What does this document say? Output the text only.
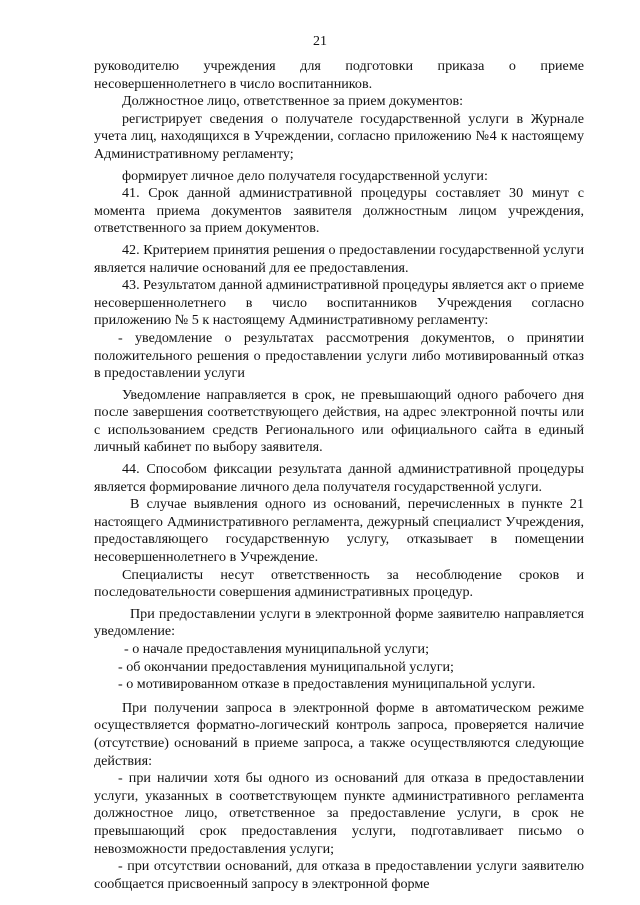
21

руководителю учреждения для подготовки приказа о приеме несовершеннолетнего в число воспитанников.

Должностное лицо, ответственное за прием документов:

регистрирует сведения о получателе государственной услуги в Журнале учета лиц, находящихся в Учреждении, согласно приложению №4 к настоящему Административному регламенту;

формирует личное дело получателя государственной услуги:

41. Срок данной административной процедуры составляет 30 минут с момента приема документов заявителя должностным лицом учреждения, ответственного за прием документов.

42. Критерием принятия решения о предоставлении государственной услуги является наличие оснований для ее предоставления.

43. Результатом данной административной процедуры является акт о приеме несовершеннолетнего в число воспитанников Учреждения согласно приложению № 5 к настоящему Административному регламенту:

- уведомление о результатах рассмотрения документов, о принятии положительного решения о предоставлении услуги либо мотивированный отказ в предоставлении услуги

Уведомление направляется в срок, не превышающий одного рабочего дня после завершения соответствующего действия, на адрес электронной почты или с использованием средств Регионального или официального сайта в единый личный кабинет по выбору заявителя.

44. Способом фиксации результата данной административной процедуры является формирование личного дела получателя государственной услуги.

В случае выявления одного из оснований, перечисленных в пункте 21 настоящего Административного регламента, дежурный специалист Учреждения, предоставляющего государственную услугу, отказывает в помещении несовершеннолетнего в Учреждение.

Специалисты несут ответственность за несоблюдение сроков и последовательности совершения административных процедур.

При предоставлении услуги в электронной форме заявителю направляется уведомление:

- о начале предоставления муниципальной услуги;

- об окончании предоставления муниципальной услуги;

- о мотивированном отказе в предоставления муниципальной услуги.

При получении запроса в электронной форме в автоматическом режиме осуществляется форматно-логический контроль запроса, проверяется наличие (отсутствие) оснований в приеме запроса, а также осуществляются следующие действия:

- при наличии хотя бы одного из оснований для отказа в предоставлении услуги, указанных в соответствующем пункте административного регламента должностное лицо, ответственное за предоставление услуги, в срок не превышающий срок предоставления услуги, подготавливает письмо о невозможности предоставления услуги;

- при отсутствии оснований, для отказа в предоставлении услуги заявителю сообщается присвоенный запросу в электронной форме
